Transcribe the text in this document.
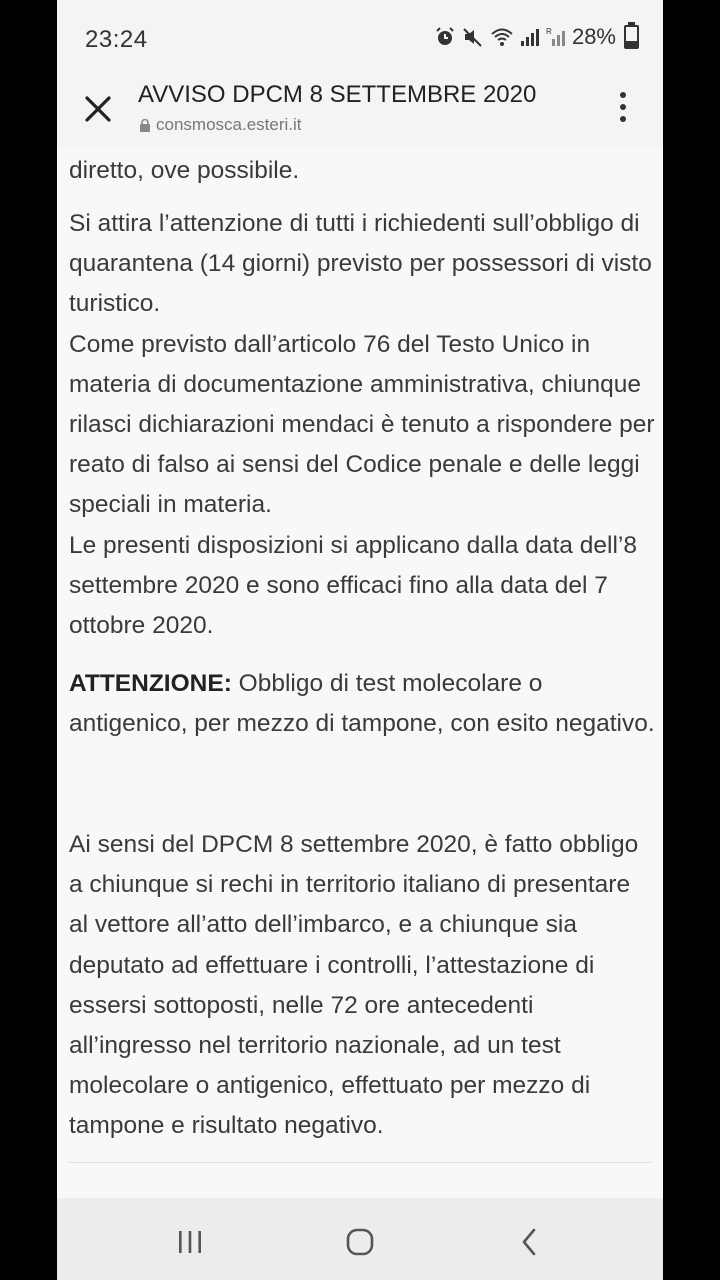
23:24	R 28%
AVVISO DPCM 8 SETTEMBRE 2020
consmosca.esteri.it

diretto, ove possibile.

Si attira l’attenzione di tutti i richiedenti sull’obbligo di quarantena (14 giorni) previsto per possessori di visto turistico.

Come previsto dall’articolo 76 del Testo Unico in materia di documentazione amministrativa, chiunque rilasci dichiarazioni mendaci è tenuto a rispondere per reato di falso ai sensi del Codice penale e delle leggi speciali in materia.

Le presenti disposizioni si applicano dalla data dell’8 settembre 2020 e sono efficaci fino alla data del 7 ottobre 2020.

ATTENZIONE: Obbligo di test molecolare o antigenico, per mezzo di tampone, con esito negativo.

Ai sensi del DPCM 8 settembre 2020, è fatto obbligo a chiunque si rechi in territorio italiano di presentare al vettore all’atto dell’imbarco, e a chiunque sia deputato ad effettuare i controlli, l’attestazione di essersi sottoposti, nelle 72 ore antecedenti all’ingresso nel territorio nazionale, ad un test molecolare o antigenico, effettuato per mezzo di tampone e risultato negativo.
